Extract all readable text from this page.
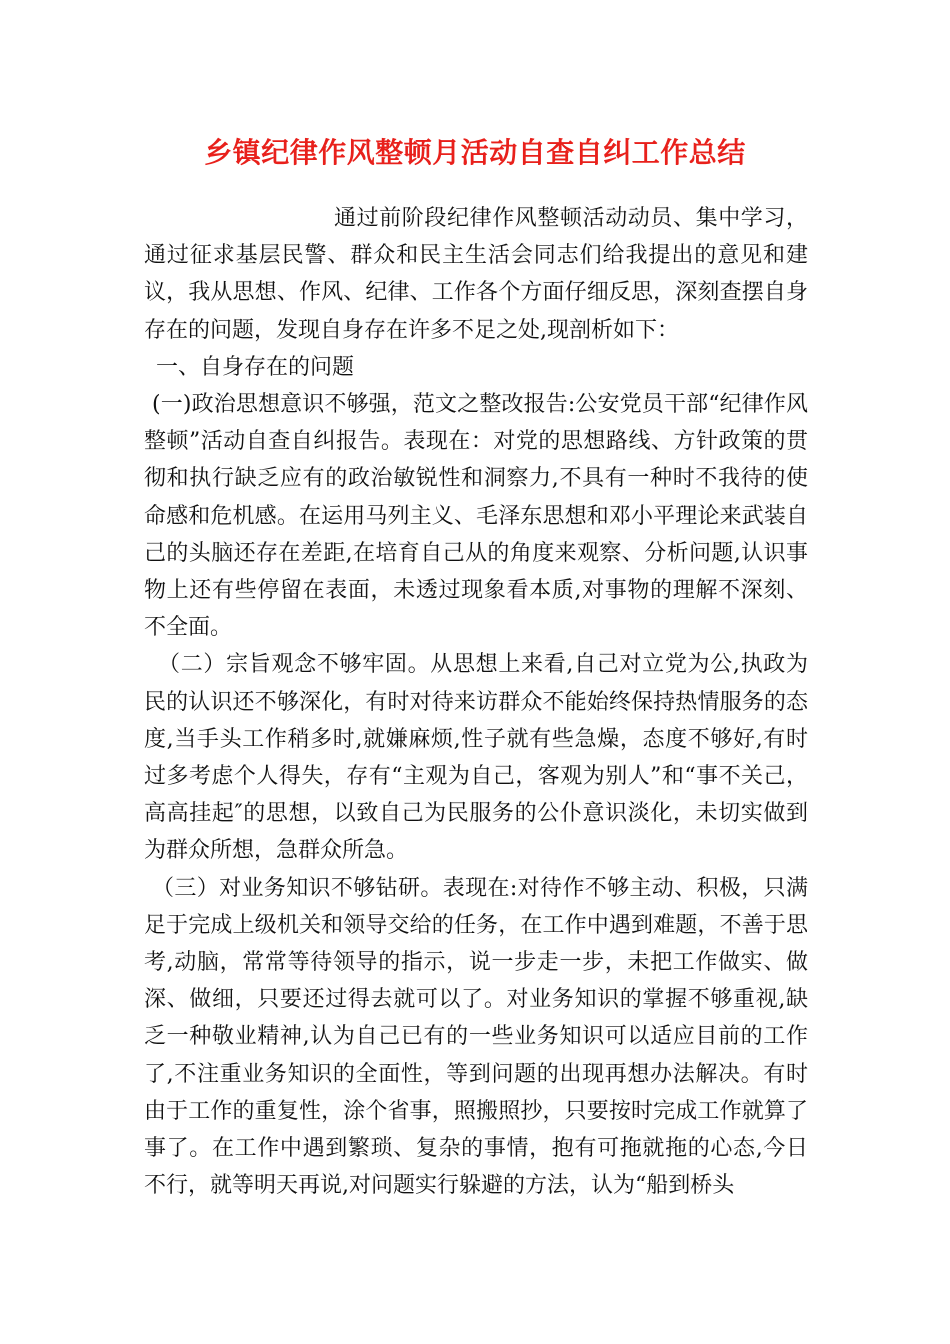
乡镇纪律作风整顿月活动自查自纠工作总结

通过前阶段纪律作风整顿活动动员、集中学习，通过征求基层民警、群众和民主生活会同志们给我提出的意见和建议，我从思想、作风、纪律、工作各个方面仔细反思，深刻查摆自身存在的问题，发现自身存在许多不足之处,现剖析如下：

一、自身存在的问题

(一)政治思想意识不够强，范文之整改报告:公安党员干部“纪律作风整顿”活动自查自纠报告。表现在：对党的思想路线、方针政策的贯彻和执行缺乏应有的政治敏锐性和洞察力,不具有一种时不我待的使命感和危机感。在运用马列主义、毛泽东思想和邓小平理论来武装自己的头脑还存在差距,在培育自己从的角度来观察、分析问题,认识事物上还有些停留在表面，未透过现象看本质,对事物的理解不深刻、不全面。

（二）宗旨观念不够牢固。从思想上来看,自己对立党为公,执政为民的认识还不够深化，有时对待来访群众不能始终保持热情服务的态度,当手头工作稍多时,就嫌麻烦,性子就有些急燥，态度不够好,有时过多考虑个人得失，存有“主观为自己，客观为别人”和“事不关己，高高挂起″的思想，以致自己为民服务的公仆意识淡化，未切实做到为群众所想，急群众所急。

（三）对业务知识不够钻研。表现在:对待作不够主动、积极，只满足于完成上级机关和领导交给的任务，在工作中遇到难题，不善于思考,动脑，常常等待领导的指示，说一步走一步，未把工作做实、做深、做细，只要还过得去就可以了。对业务知识的掌握不够重视,缺乏一种敬业精神,认为自己已有的一些业务知识可以适应目前的工作了,不注重业务知识的全面性，等到问题的出现再想办法解决。有时由于工作的重复性，涂个省事，照搬照抄，只要按时完成工作就算了事了。在工作中遇到繁琐、复杂的事情，抱有可拖就拖的心态,今日不行，就等明天再说,对问题实行躲避的方法，认为“船到桥头
